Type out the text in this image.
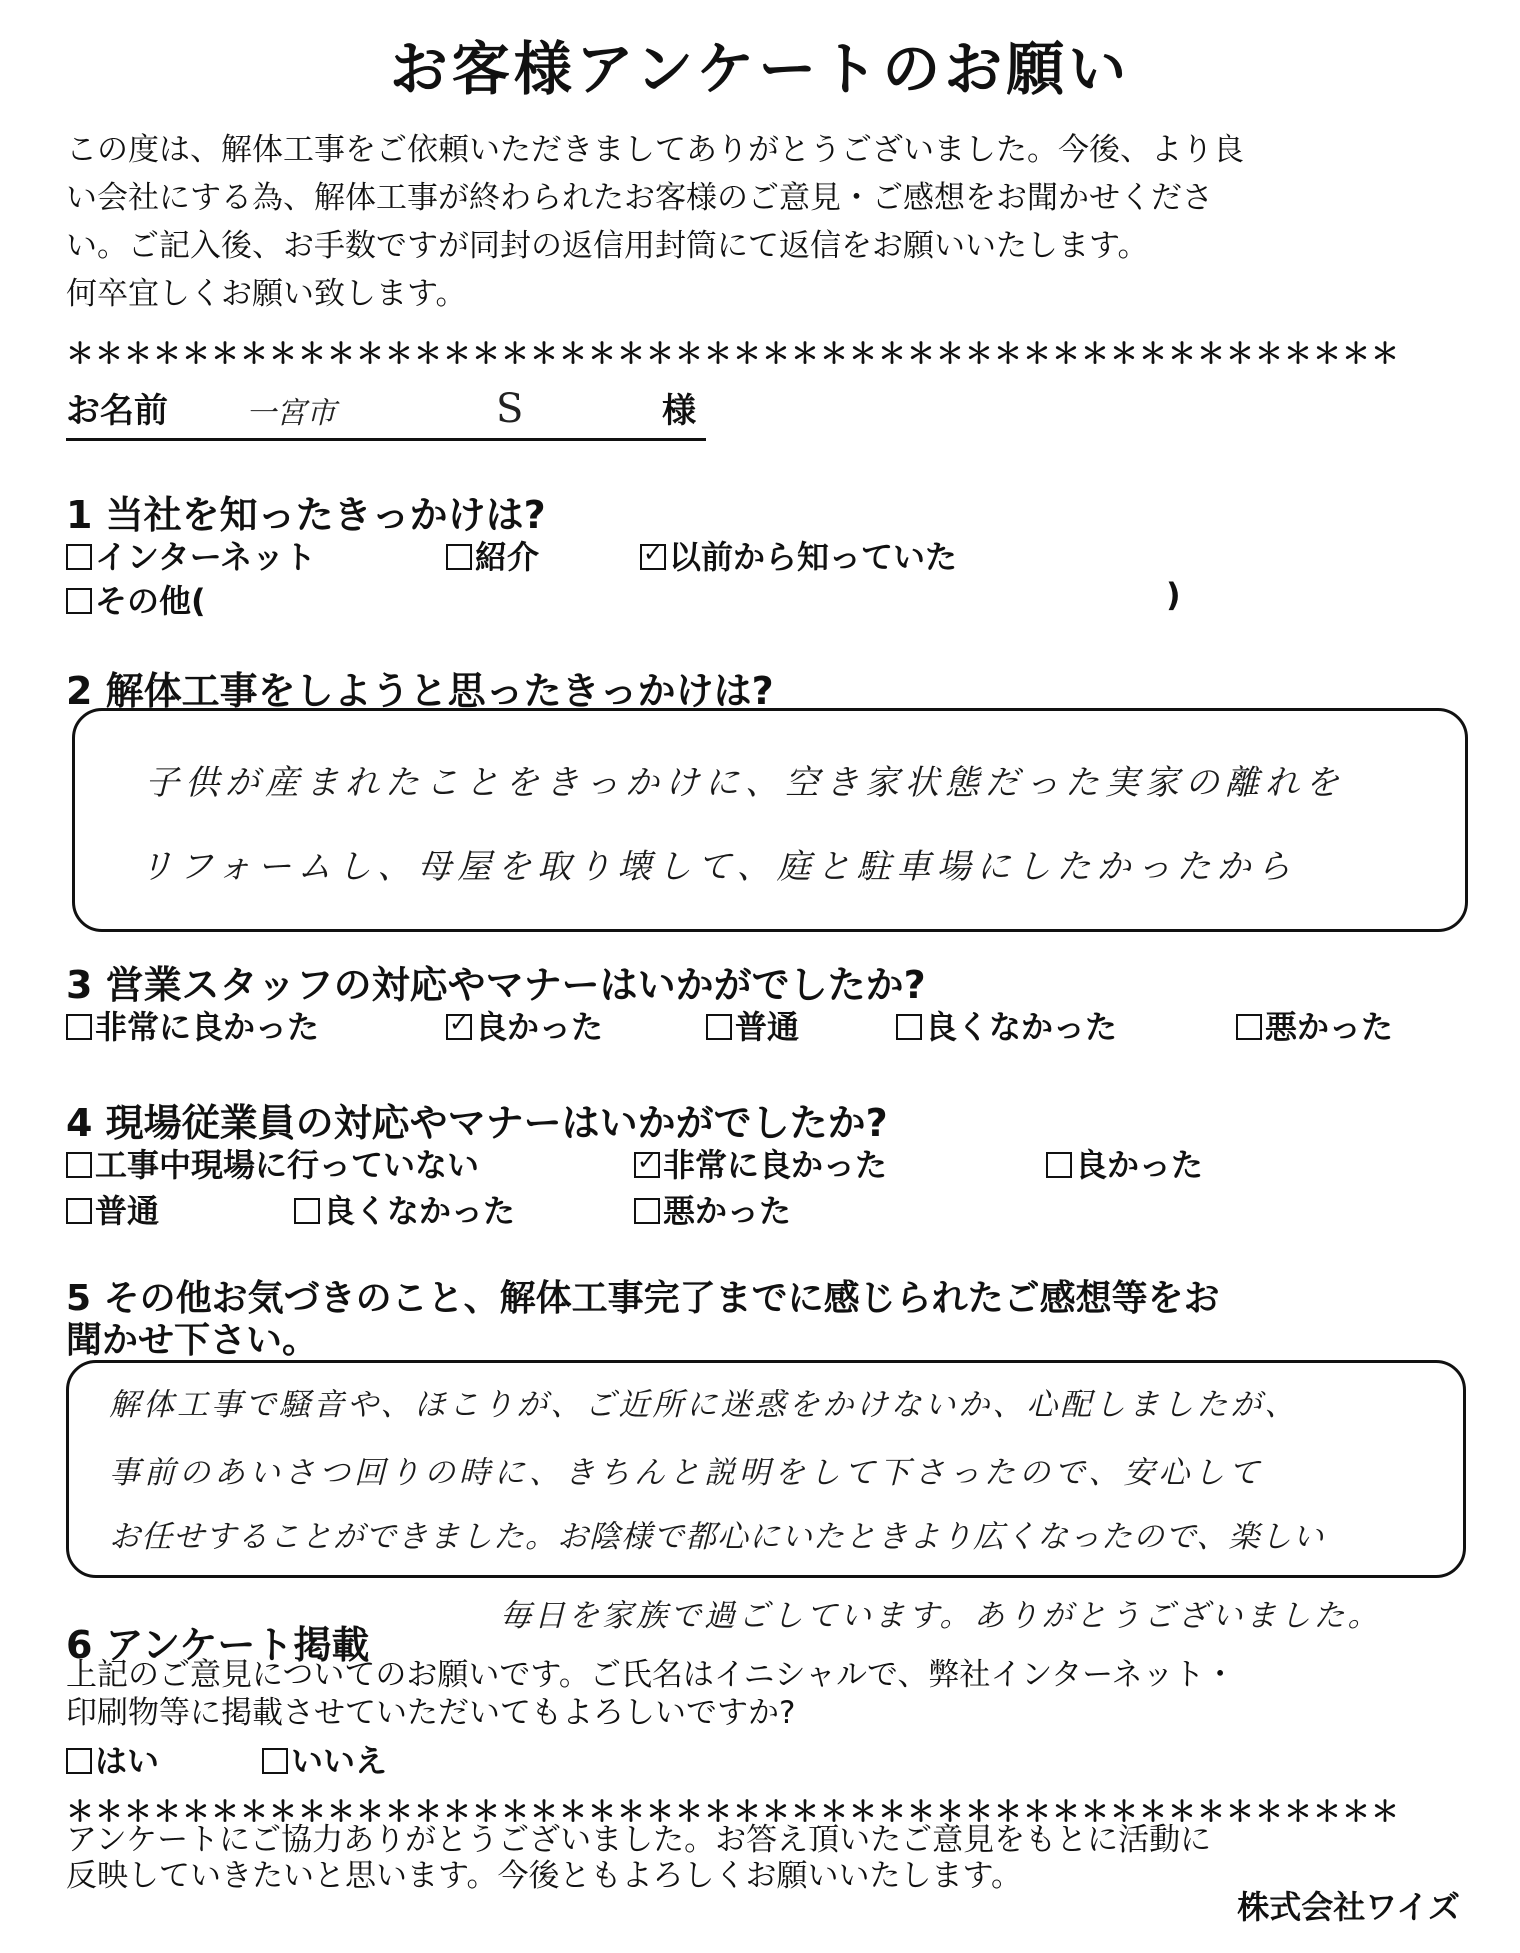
お客様アンケートのお願い
この度は、解体工事をご依頼いただきましてありがとうございました。今後、より良
い会社にする為、解体工事が終わられたお客様のご意見・ご感想をお聞かせくださ
い。ご記入後、お手数ですが同封の返信用封筒にて返信をお願いいたします。
何卒宜しくお願い致します。
＊＊＊＊＊＊＊＊＊＊＊＊＊＊＊＊＊＊＊＊＊＊＊＊＊＊＊＊＊＊＊＊＊＊＊＊＊＊＊＊＊＊＊＊＊＊
お名前	一宮市	S	様
1 当社を知ったきっかけは?
インターネット	紹介 ✓	以前から知っていた
その他(	)
2 解体工事をしようと思ったきっかけは?
子供が産まれたことをきっかけに、空き家状態だった実家の離れを
リフォームし、母屋を取り壊して、庭と駐車場にしたかったから
3 営業スタッフの対応やマナーはいかがでしたか?
非常に良かった ✓	良かった	普通	良くなかった	悪かった
4 現場従業員の対応やマナーはいかがでしたか?
工事中現場に行っていない ✓	非常に良かった	良かった
普通	良くなかった	悪かった
5 その他お気づきのこと、解体工事完了までに感じられたご感想等をお
聞かせ下さい。
解体工事で騒音や、ほこりが、ご近所に迷惑をかけないか、心配しましたが、
事前のあいさつ回りの時に、きちんと説明をして下さったので、安心して
お任せすることができました。お陰様で都心にいたときより広くなったので、楽しい
毎日を家族で過ごしています。ありがとうございました。
6 アンケート掲載
上記のご意見についてのお願いです。ご氏名はイニシャルで、弊社インターネット・
印刷物等に掲載させていただいてもよろしいですか?
はい	いいえ
＊＊＊＊＊＊＊＊＊＊＊＊＊＊＊＊＊＊＊＊＊＊＊＊＊＊＊＊＊＊＊＊＊＊＊＊＊＊＊＊＊＊＊＊＊＊
アンケートにご協力ありがとうございました。お答え頂いたご意見をもとに活動に
反映していきたいと思います。今後ともよろしくお願いいたします。
株式会社ワイズ
